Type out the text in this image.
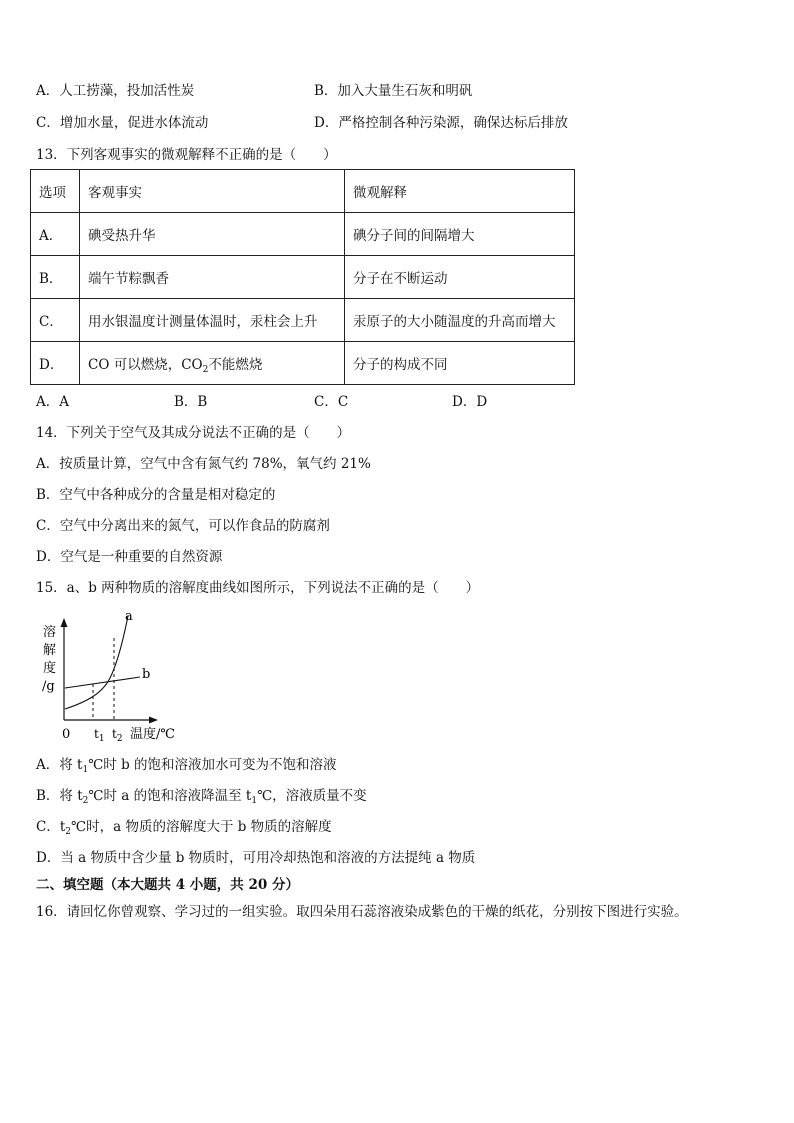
A．人工捞藻，投加活性炭	B．加入大量生石灰和明矾
C．增加水量，促进水体流动	D．严格控制各种污染源，确保达标后排放
13．下列客观事实的微观解释不正确的是（　　）
选项	客观事实	微观解释
A．	碘受热升华	碘分子间的间隔增大
B．	端午节粽飘香	分子在不断运动
C．	用水银温度计测量体温时，汞柱会上升	汞原子的大小随温度的升高而增大
D．	CO 可以燃烧，$CO_2$不能燃烧	分子的构成不同
A．A	B．B	C．C	D．D
14．下列关于空气及其成分说法不正确的是（　　）
A．按质量计算，空气中含有氮气约 78%，氧气约 21%
B．空气中各种成分的含量是相对稳定的
C．空气中分离出来的氮气，可以作食品的防腐剂
D．空气是一种重要的自然资源
15．a、b 两种物质的溶解度曲线如图所示，下列说法不正确的是（　　）
溶
解
度
/g
a
b
0 $t_1$ $t_2$ 温度/℃
A．将 $t_1℃$时 b 的饱和溶液加水可变为不饱和溶液
B．将 $t_2℃$时 a 的饱和溶液降温至 $t_1℃$，溶液质量不变
C．$t_2℃$时，a 物质的溶解度大于 b 物质的溶解度
D．当 a 物质中含少量 b 物质时，可用冷却热饱和溶液的方法提纯 a 物质
二、填空题（本大题共 4 小题，共 20 分）
16．请回忆你曾观察、学习过的一组实验。取四朵用石蕊溶液染成紫色的干燥的纸花，分别按下图进行实验。
